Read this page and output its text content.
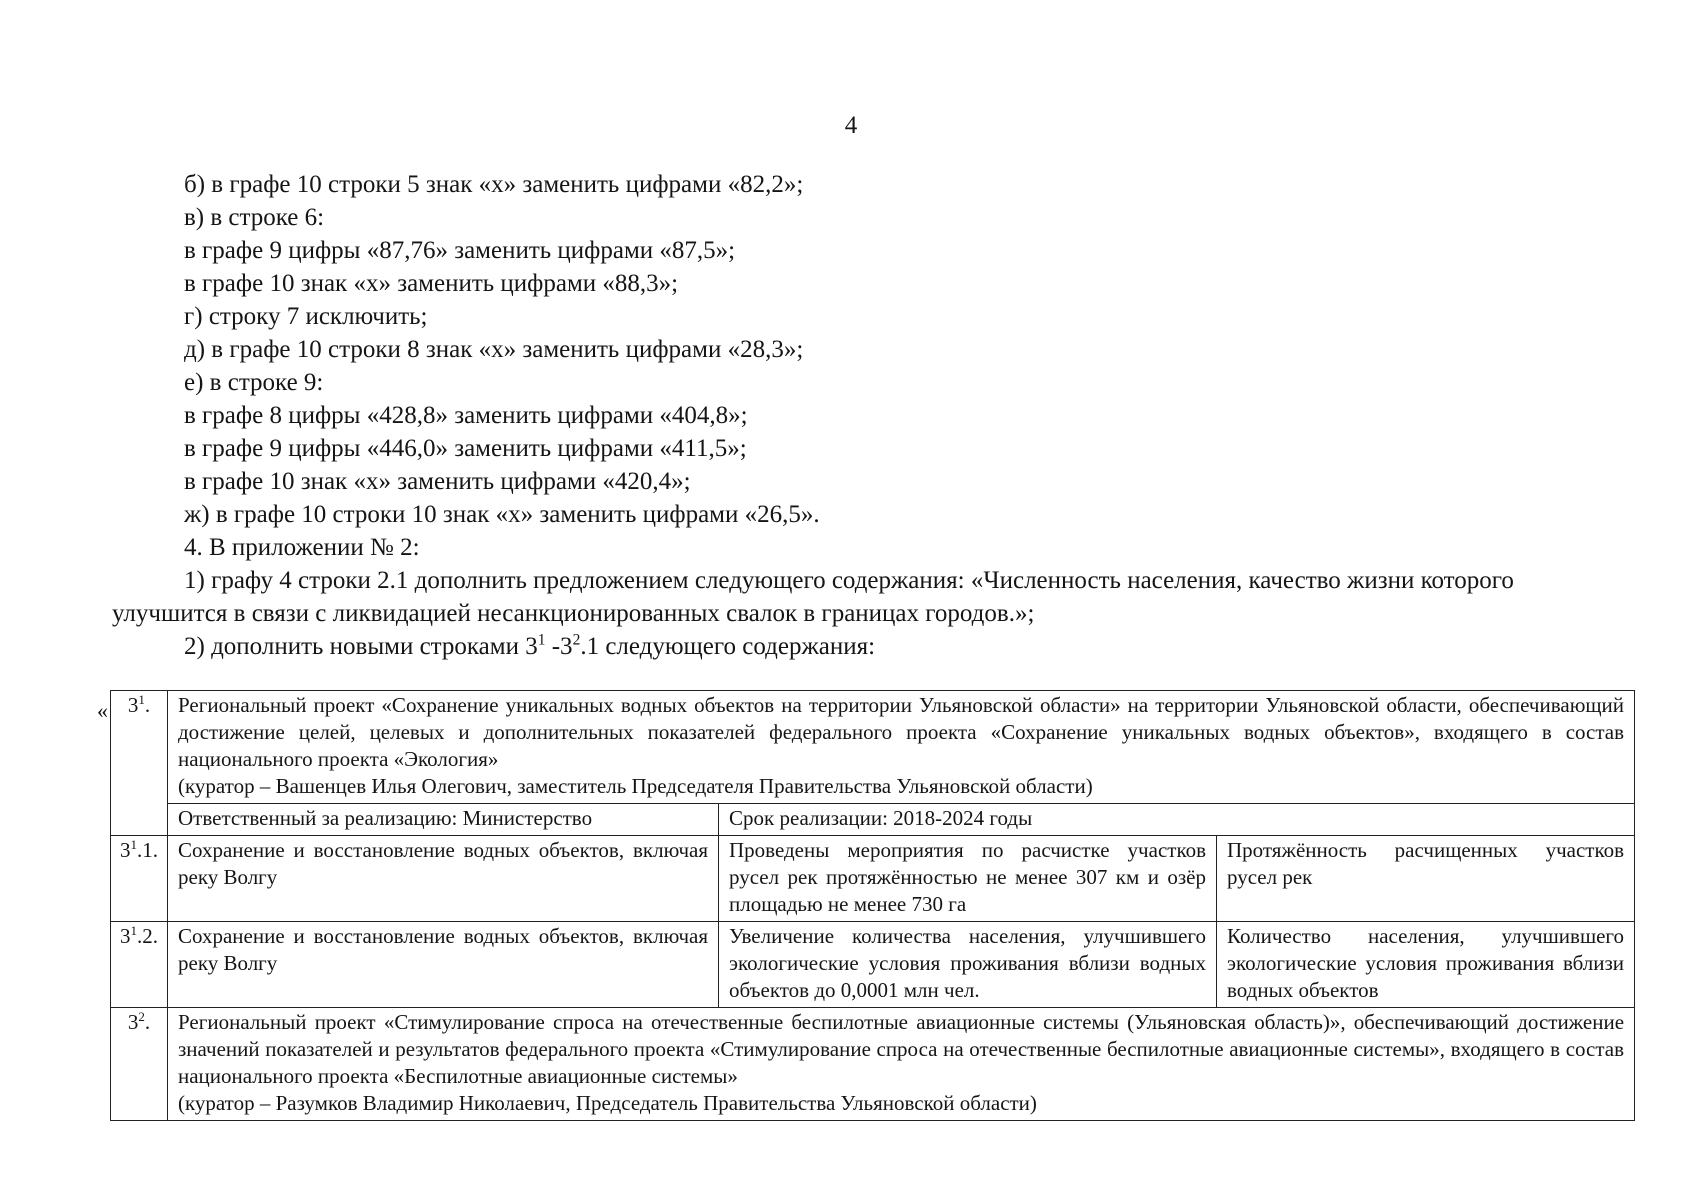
4

б) в графе 10 строки 5 знак «х» заменить цифрами «82,2»;

в) в строке 6:

в графе 9 цифры «87,76» заменить цифрами «87,5»;

в графе 10 знак «х» заменить цифрами «88,3»;

г) строку 7 исключить;

д) в графе 10 строки 8 знак «х» заменить цифрами «28,3»;

е) в строке 9:

в графе 8 цифры «428,8» заменить цифрами «404,8»;

в графе 9 цифры «446,0» заменить цифрами «411,5»;

в графе 10 знак «х» заменить цифрами «420,4»;

ж) в графе 10 строки 10 знак «х» заменить цифрами «26,5».

4. В приложении № 2:

1) графу 4 строки 2.1 дополнить предложением следующего содержания: «Численность населения, качество жизни которого улучшится в связи с ликвидацией несанкционированных свалок в границах городов.»;

2) дополнить новыми строками $3^1$ $-3^2.1$ следующего содержания:

« $3^1$.	Региональный проект «Сохранение уникальных водных объектов на территории Ульяновской области» на территории Ульяновской области, обеспечивающий достижение целей, целевых и дополнительных показателей федерального проекта «Сохранение уникальных водных объектов», входящего в состав национального проекта «Экология»
(куратор – Вашенцев Илья Олегович, заместитель Председателя Правительства Ульяновской области)		

	Ответственный за реализацию: Министерство	Срок реализации: 2018-2024 годы	
$3^1.1$.	Сохранение и восстановление водных объектов, включая реку Волгу	Проведены мероприятия по расчистке участков русел рек протяжённостью не менее 307 км и озёр площадью не менее 730 га	Протяжённость расчищенных участков русел рек
$3^1.2$.	Сохранение и восстановление водных объектов, включая реку Волгу	Увеличение количества населения, улучшившего экологические условия проживания вблизи водных объектов до 0,0001 млн чел.	Количество населения, улучшившего экологические условия проживания вблизи водных объектов
$3^2$.	Региональный проект «Стимулирование спроса на отечественные беспилотные авиационные системы (Ульяновская область)», обеспечивающий достижение значений показателей и результатов федерального проекта «Стимулирование спроса на отечественные беспилотные авиационные системы», входящего в состав национального проекта «Беспилотные авиационные системы»
(куратор – Разумков Владимир Николаевич, Председатель Правительства Ульяновской области)		
